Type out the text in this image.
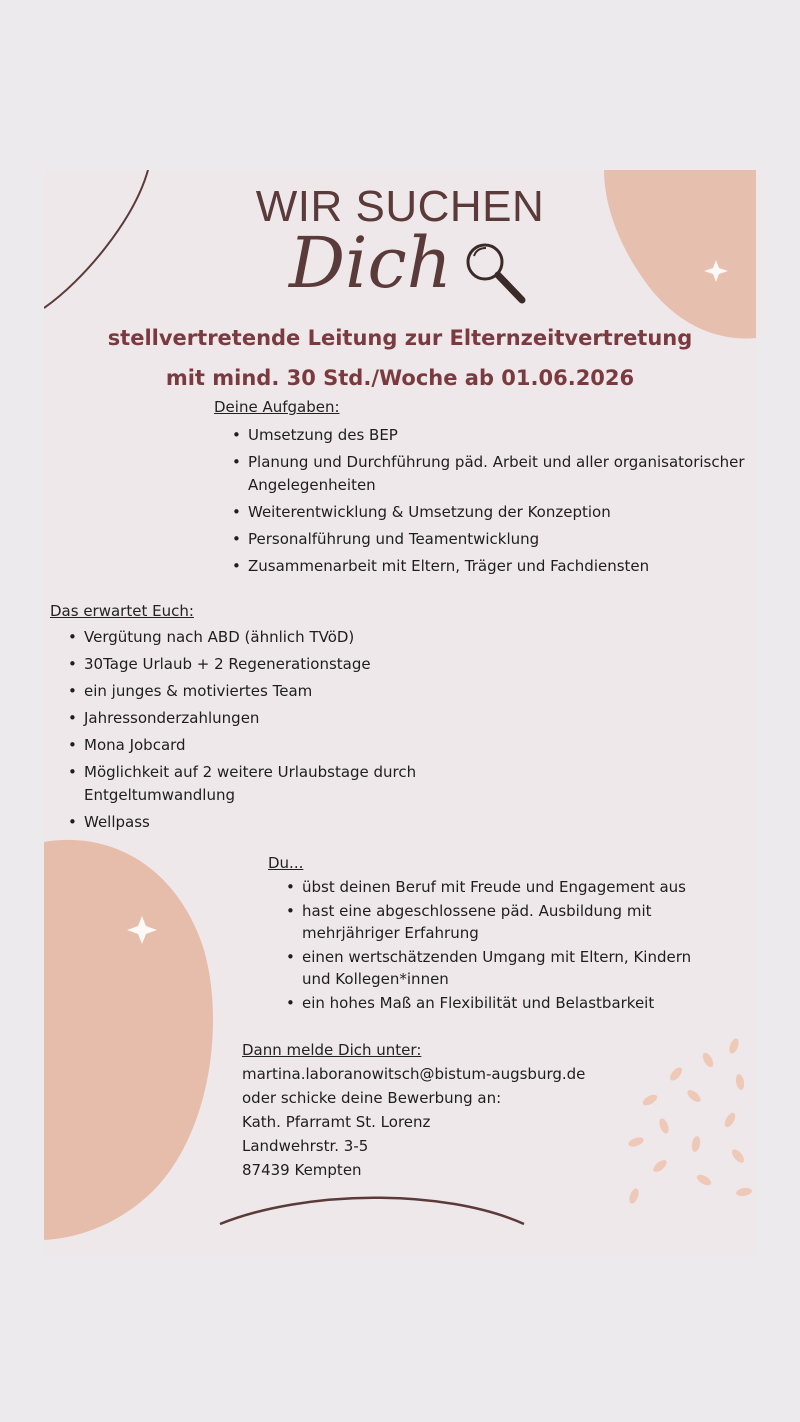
WIR SUCHEN
Dich
stellvertretende Leitung zur Elternzeitvertretung
mit mind. 30 Std./Woche ab 01.06.2026
Deine Aufgaben:
• Umsetzung des BEP
• Planung und Durchführung päd. Arbeit und aller organisatorischer Angelegenheiten
• Weiterentwicklung & Umsetzung der Konzeption
• Personalführung und Teamentwicklung
• Zusammenarbeit mit Eltern, Träger und Fachdiensten
Das erwartet Euch:
• Vergütung nach ABD (ähnlich TVöD)
• 30Tage Urlaub + 2 Regenerationstage
• ein junges & motiviertes Team
• Jahressonderzahlungen
• Mona Jobcard
• Möglichkeit auf 2 weitere Urlaubstage durch Entgeltumwandlung
• Wellpass
Du...
• übst deinen Beruf mit Freude und Engagement aus
• hast eine abgeschlossene päd. Ausbildung mit mehrjähriger Erfahrung
• einen wertschätzenden Umgang mit Eltern, Kindern und Kollegen*innen
• ein hohes Maß an Flexibilität und Belastbarkeit
Dann melde Dich unter:
martina.laboranowitsch@bistum-augsburg.de
oder schicke deine Bewerbung an:
Kath. Pfarramt St. Lorenz
Landwehrstr. 3-5
87439 Kempten
